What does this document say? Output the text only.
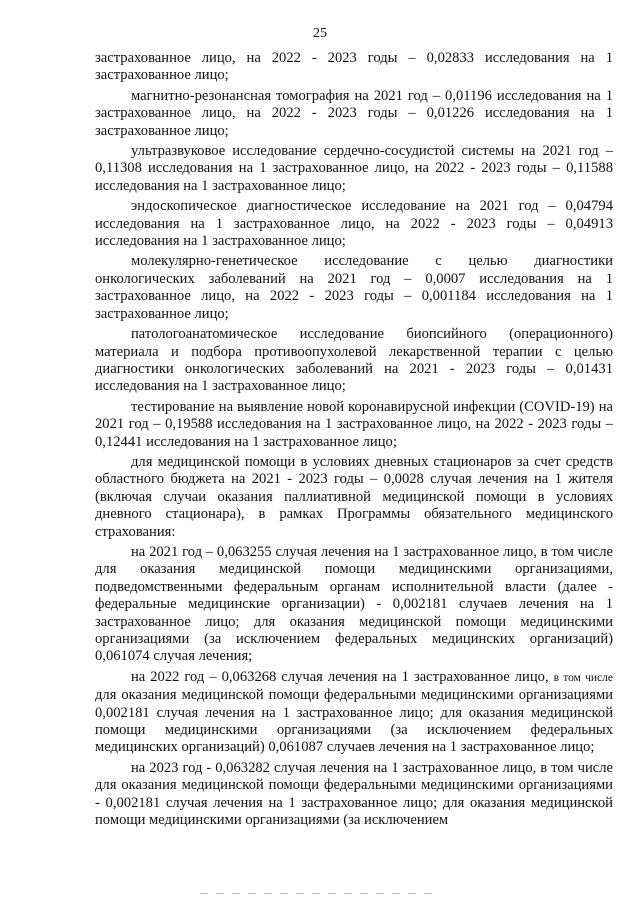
25

застрахованное лицо, на 2022 - 2023 годы – 0,02833 исследования на 1 застрахованное лицо;

магнитно-резонансная томография на 2021 год – 0,01196 исследования на 1 застрахованное лицо, на 2022 - 2023 годы – 0,01226 исследования на 1 застрахованное лицо;

ультразвуковое исследование сердечно-сосудистой системы на 2021 год – 0,11308 исследования на 1 застрахованное лицо, на 2022 - 2023 годы – 0,11588 исследования на 1 застрахованное лицо;

эндоскопическое диагностическое исследование на 2021 год – 0,04794 исследования на 1 застрахованное лицо, на 2022 - 2023 годы – 0,04913 исследования на 1 застрахованное лицо;

молекулярно-генетическое исследование с целью диагностики онкологических заболеваний на 2021 год – 0,0007 исследования на 1 застрахованное лицо, на 2022 - 2023 годы – 0,001184 исследования на 1 застрахованное лицо;

патологоанатомическое исследование биопсийного (операционного) материала и подбора противоопухолевой лекарственной терапии с целью диагностики онкологических заболеваний на 2021 - 2023 годы – 0,01431 исследования на 1 застрахованное лицо;

тестирование на выявление новой коронавирусной инфекции (COVID-19) на 2021 год – 0,19588 исследования на 1 застрахованное лицо, на 2022 - 2023 годы – 0,12441 исследования на 1 застрахованное лицо;

для медицинской помощи в условиях дневных стационаров за счет средств областного бюджета на 2021 - 2023 годы – 0,0028 случая лечения на 1 жителя (включая случаи оказания паллиативной медицинской помощи в условиях дневного стационара), в рамках Программы обязательного медицинского страхования:

на 2021 год – 0,063255 случая лечения на 1 застрахованное лицо, в том числе для оказания медицинской помощи медицинскими организациями, подведомственными федеральным органам исполнительной власти (далее - федеральные медицинские организации) - 0,002181 случаев лечения на 1 застрахованное лицо; для оказания медицинской помощи медицинскими организациями (за исключением федеральных медицинских организаций) 0,061074 случая лечения;

на 2022 год – 0,063268 случая лечения на 1 застрахованное лицо, в том числе для оказания медицинской помощи федеральными медицинскими организациями 0,002181 случая лечения на 1 застрахованное лицо; для оказания медицинской помощи медицинскими организациями (за исключением федеральных медицинских организаций) 0,061087 случаев лечения на 1 застрахованное лицо;

на 2023 год - 0,063282 случая лечения на 1 застрахованное лицо, в том числе для оказания медицинской помощи федеральными медицинскими организациями - 0,002181 случая лечения на 1 застрахованное лицо; для оказания медицинской помощи медицинскими организациями (за исключением
